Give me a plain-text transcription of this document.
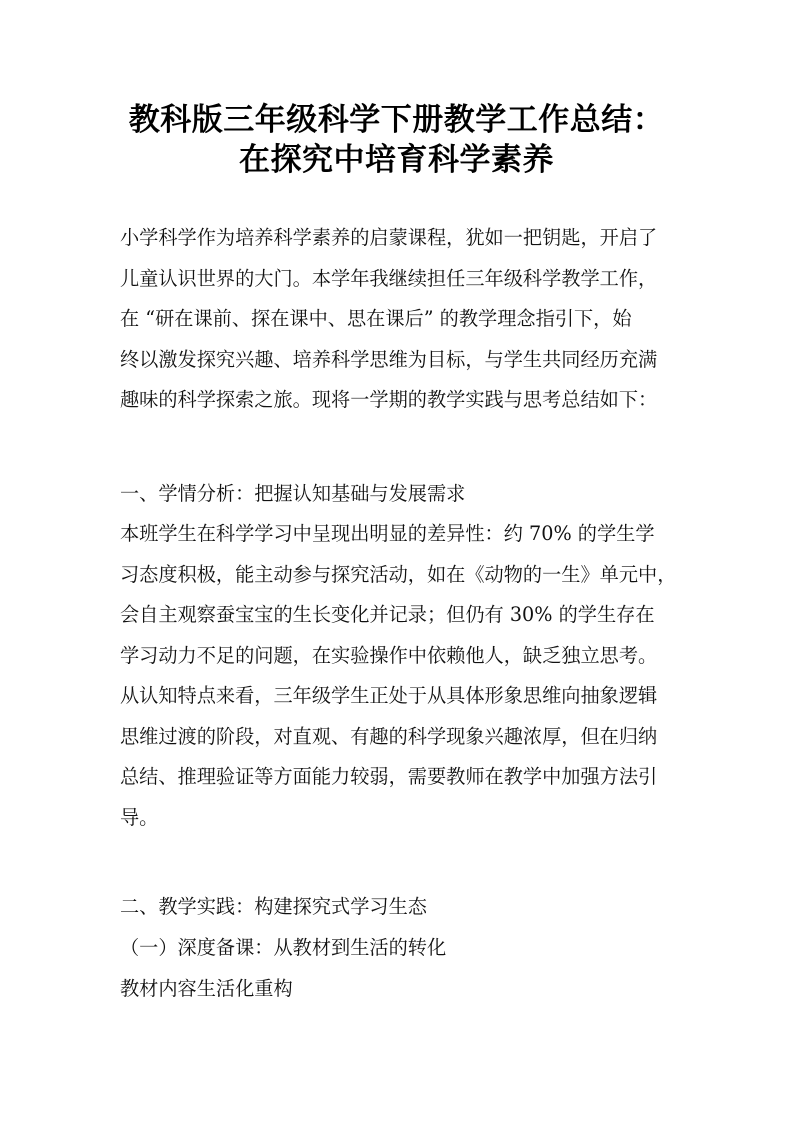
教科版三年级科学下册教学工作总结：
在探究中培育科学素养
小学科学作为培养科学素养的启蒙课程，犹如一把钥匙，开启了
儿童认识世界的大门。本学年我继续担任三年级科学教学工作，
在 “研在课前、探在课中、思在课后” 的教学理念指引下，始
终以激发探究兴趣、培养科学思维为目标，与学生共同经历充满
趣味的科学探索之旅。现将一学期的教学实践与思考总结如下：
一、学情分析：把握认知基础与发展需求
本班学生在科学学习中呈现出明显的差异性：约 70% 的学生学
习态度积极，能主动参与探究活动，如在《动物的一生》单元中，
会自主观察蚕宝宝的生长变化并记录；但仍有 30% 的学生存在
学习动力不足的问题，在实验操作中依赖他人，缺乏独立思考。
从认知特点来看，三年级学生正处于从具体形象思维向抽象逻辑
思维过渡的阶段，对直观、有趣的科学现象兴趣浓厚，但在归纳
总结、推理验证等方面能力较弱，需要教师在教学中加强方法引
导。
二、教学实践：构建探究式学习生态
（一）深度备课：从教材到生活的转化
教材内容生活化重构
